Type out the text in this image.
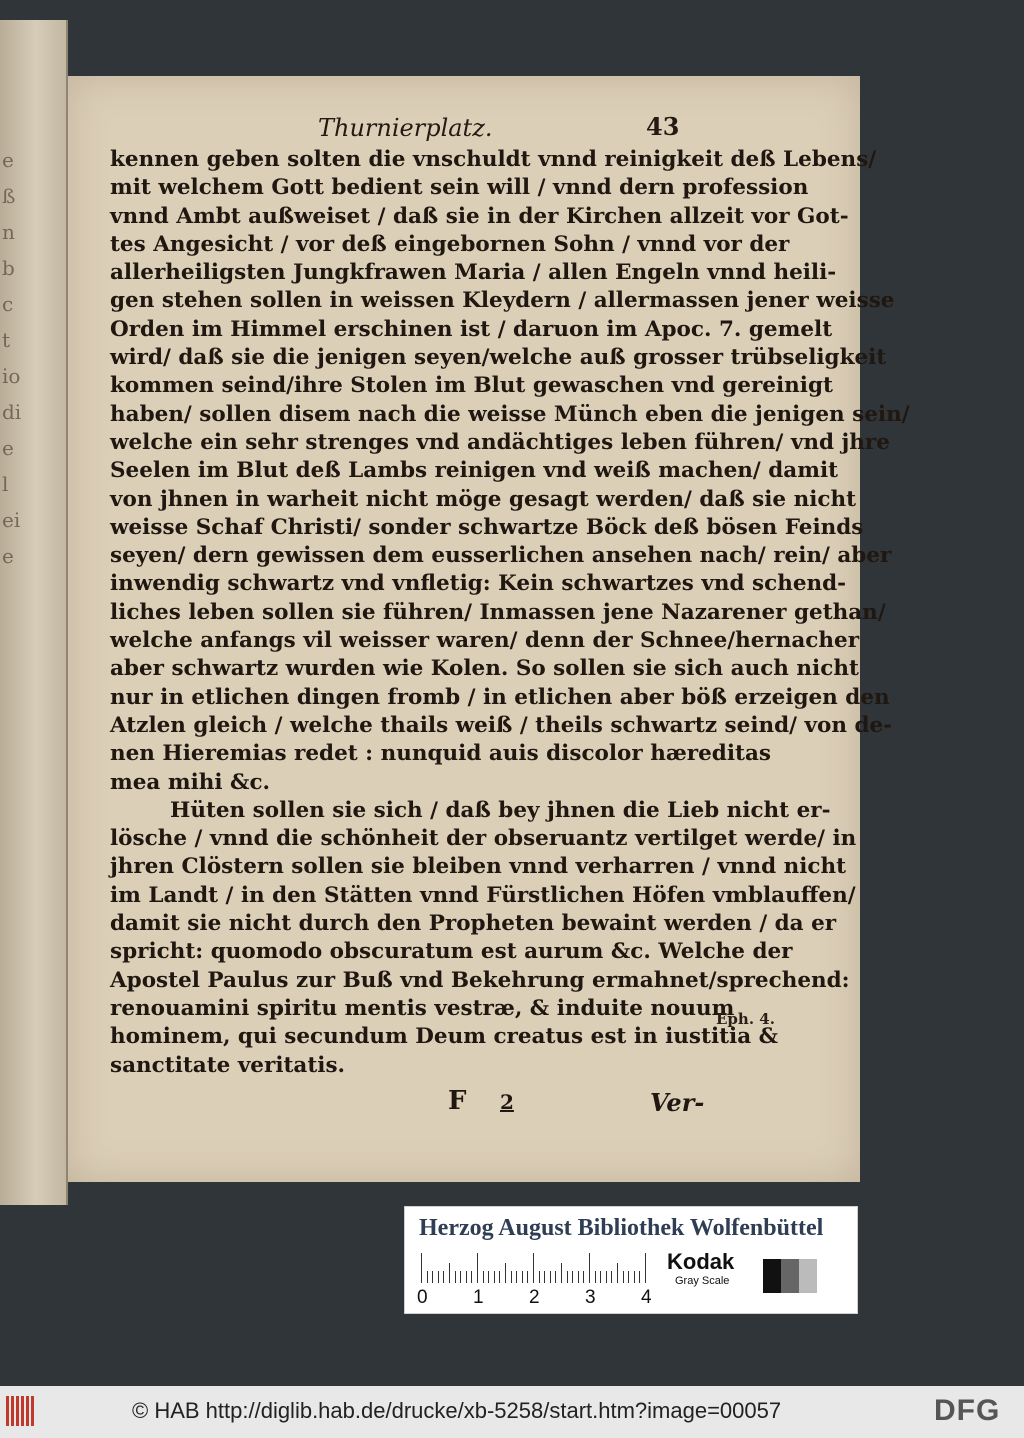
e
ß
n
b
c
t
io
di
e
l
ei
e
Thurnierplatz.	43
kennen geben solten die vnschuldt vnnd reinigkeit deß Lebens/
mit welchem Gott bedient sein will / vnnd dern profession
vnnd Ambt außweiset / daß sie in der Kirchen allzeit vor Got-
tes Angesicht / vor deß eingebornen Sohn / vnnd vor der
allerheiligsten Jungkfrawen Maria / allen Engeln vnnd heili-
gen stehen sollen in weissen Kleydern / allermassen jener weisse
Orden im Himmel erschinen ist / daruon im Apoc. 7. gemelt
wird/ daß sie die jenigen seyen/welche auß grosser trübseligkeit
kommen seind/ihre Stolen im Blut gewaschen vnd gereinigt
haben/ sollen disem nach die weisse Münch eben die jenigen sein/
welche ein sehr strenges vnd andächtiges leben führen/ vnd jhre
Seelen im Blut deß Lambs reinigen vnd weiß machen/ damit
von jhnen in warheit nicht möge gesagt werden/ daß sie nicht
weisse Schaf Christi/ sonder schwartze Böck deß bösen Feinds
seyen/ dern gewissen dem eusserlichen ansehen nach/ rein/ aber
inwendig schwartz vnd vnfletig: Kein schwartzes vnd schend-
liches leben sollen sie führen/ Inmassen jene Nazarener gethan/
welche anfangs vil weisser waren/ denn der Schnee/hernacher
aber schwartz wurden wie Kolen. So sollen sie sich auch nicht
nur in etlichen dingen fromb / in etlichen aber böß erzeigen den
Atzlen gleich / welche thails weiß / theils schwartz seind/ von de-
nen Hieremias redet : nunquid auis discolor hæreditas
mea mihi &c.
Hüten sollen sie sich / daß bey jhnen die Lieb nicht er-
lösche / vnnd die schönheit der obseruantz vertilget werde/ in
jhren Clöstern sollen sie bleiben vnnd verharren / vnnd nicht
im Landt / in den Stätten vnnd Fürstlichen Höfen vmblauffen/
damit sie nicht durch den Propheten bewaint werden / da er
spricht: quomodo obscuratum est aurum &c. Welche der
Apostel Paulus zur Buß vnd Bekehrung ermahnet/sprechend:
renouamini spiritu mentis vestræ, & induite nouum
hominem, qui secundum Deum creatus est in iustitia &
sanctitate veritatis.
Eph. 4.
F 2	Ver-
Herzog August Bibliothek Wolfenbüttel
0 1 2 3 4
Kodak
Gray Scale
© HAB http://diglib.hab.de/drucke/xb-5258/start.htm?image=00057	DFG
